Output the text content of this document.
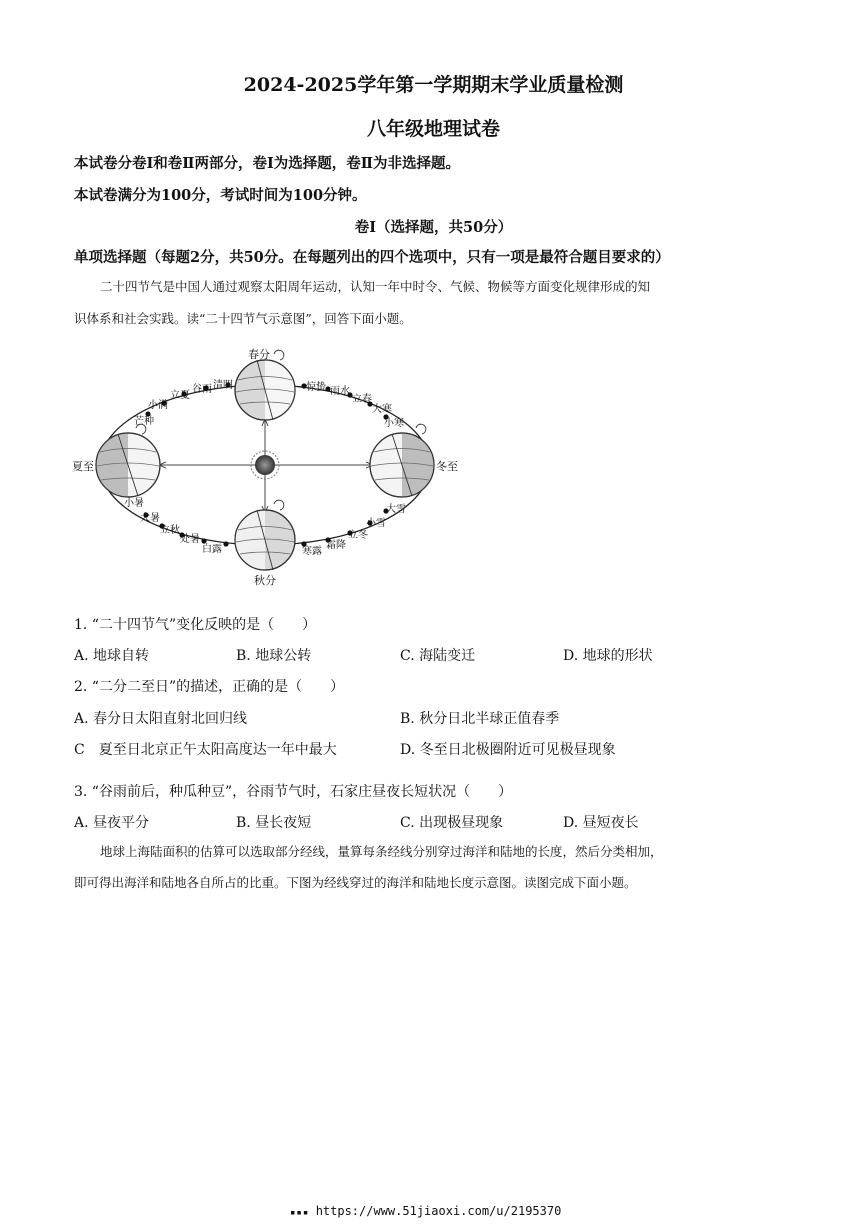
2024-2025学年第一学期期末学业质量检测
八年级地理试卷
本试卷分卷Ⅰ和卷Ⅱ两部分，卷Ⅰ为选择题，卷Ⅱ为非选择题。
本试卷满分为100分，考试时间为100分钟。
卷Ⅰ（选择题，共50分）
单项选择题（每题2分，共50分。在每题列出的四个选项中，只有一项是最符合题目要求的）
二十四节气是中国人通过观察太阳周年运动，认知一年中时令、气候、物候等方面变化规律形成的知
识体系和社会实践。读“二十四节气示意图”，回答下面小题。
春分
夏至
秋分
冬至
芒种
小满
立夏
谷雨 清明	惊蛰 雨水
立春
大寒
小寒
小暑
大暑
立秋
处暑
白露	寒露
霜降
立冬
小雪
大雪
1. “二十四节气”变化反映的是（　　）
A. 地球自转	B. 地球公转	C. 海陆变迁	D. 地球的形状
2. “二分二至日”的描述，正确的是（　　）
A. 春分日太阳直射北回归线	B. 秋分日北半球正值春季
C　夏至日北京正午太阳高度达一年中最大	D. 冬至日北极圈附近可见极昼现象
3. “谷雨前后，种瓜种豆”，谷雨节气时，石家庄昼夜长短状况（　　）
A. 昼夜平分	B. 昼长夜短	C. 出现极昼现象	D. 昼短夜长
地球上海陆面积的估算可以选取部分经线，量算每条经线分别穿过海洋和陆地的长度，然后分类相加，
即可得出海洋和陆地各自所占的比重。下图为经线穿过的海洋和陆地长度示意图。读图完成下面小题。
▪▪▪ https://www.51jiaoxi.com/u/2195370
